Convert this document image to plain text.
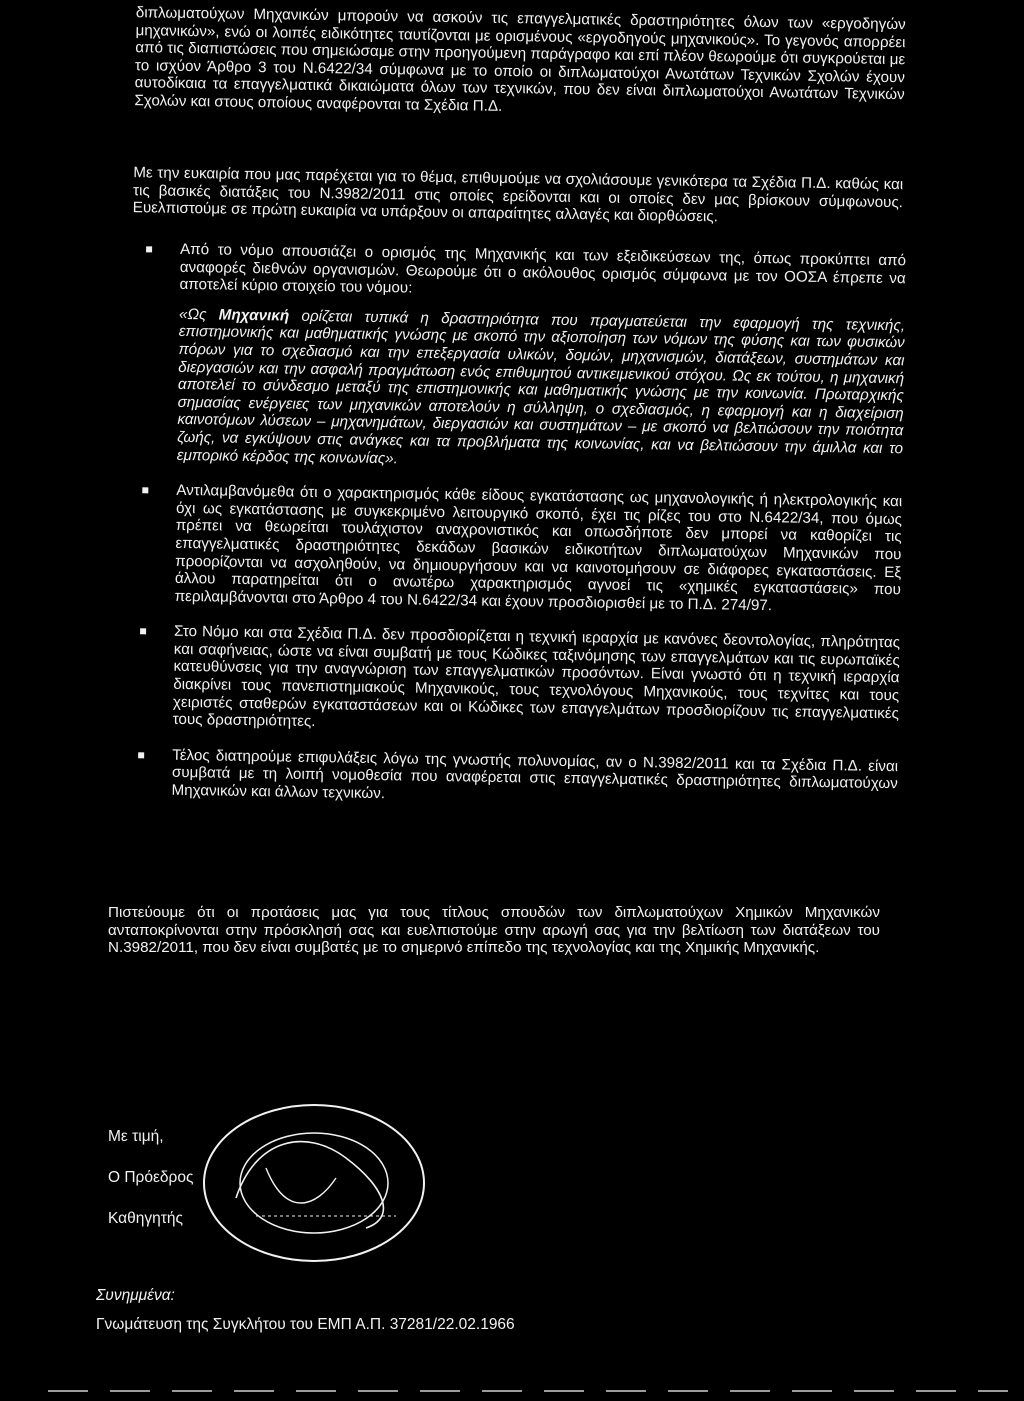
διπλωματούχων Μηχανικών μπορούν να ασκούν τις επαγγελματικές δραστηριότητες όλων των «εργοδηγών μηχανικών», ενώ οι λοιπές ειδικότητες ταυτίζονται με ορισμένους «εργοδηγούς μηχανικούς». Το γεγονός απορρέει από τις διαπιστώσεις που σημειώσαμε στην προηγούμενη παράγραφο και επί πλέον θεωρούμε ότι συγκρούεται με το ισχύον Άρθρο 3 του Ν.6422/34 σύμφωνα με το οποίο οι διπλωματούχοι Ανωτάτων Τεχνικών Σχολών έχουν αυτοδίκαια τα επαγγελματικά δικαιώματα όλων των τεχνικών, που δεν είναι διπλωματούχοι Ανωτάτων Τεχνικών Σχολών και στους οποίους αναφέρονται τα Σχέδια Π.Δ.

Με την ευκαιρία που μας παρέχεται για το θέμα, επιθυμούμε να σχολιάσουμε γενικότερα τα Σχέδια Π.Δ. καθώς και τις βασικές διατάξεις του Ν.3982/2011 στις οποίες ερείδονται και οι οποίες δεν μας βρίσκουν σύμφωνους. Ευελπιστούμε σε πρώτη ευκαιρία να υπάρξουν οι απαραίτητες αλλαγές και διορθώσεις.

Από το νόμο απουσιάζει ο ορισμός της Μηχανικής και των εξειδικεύσεων της, όπως προκύπτει από αναφορές διεθνών οργανισμών. Θεωρούμε ότι ο ακόλουθος ορισμός σύμφωνα με τον ΟΟΣΑ έπρεπε να αποτελεί κύριο στοιχείο του νόμου:
«Ως Μηχανική ορίζεται τυπικά η δραστηριότητα που πραγματεύεται την εφαρμογή της τεχνικής, επιστημονικής και μαθηματικής γνώσης με σκοπό την αξιοποίηση των νόμων της φύσης και των φυσικών πόρων για το σχεδιασμό και την επεξεργασία υλικών, δομών, μηχανισμών, διατάξεων, συστημάτων και διεργασιών και την ασφαλή πραγμάτωση ενός επιθυμητού αντικειμενικού στόχου. Ως εκ τούτου, η μηχανική αποτελεί το σύνδεσμο μεταξύ της επιστημονικής και μαθηματικής γνώσης με την κοινωνία. Πρωταρχικής σημασίας ενέργειες των μηχανικών αποτελούν η σύλληψη, ο σχεδιασμός, η εφαρμογή και η διαχείριση καινοτόμων λύσεων – μηχανημάτων, διεργασιών και συστημάτων – με σκοπό να βελτιώσουν την ποιότητα ζωής, να εγκύψουν στις ανάγκες και τα προβλήματα της κοινωνίας, και να βελτιώσουν την άμιλλα και το εμπορικό κέρδος της κοινωνίας».
Αντιλαμβανόμεθα ότι ο χαρακτηρισμός κάθε είδους εγκατάστασης ως μηχανολογικής ή ηλεκτρολογικής και όχι ως εγκατάστασης με συγκεκριμένο λειτουργικό σκοπό, έχει τις ρίζες του στο Ν.6422/34, που όμως πρέπει να θεωρείται τουλάχιστον αναχρονιστικός και οπωσδήποτε δεν μπορεί να καθορίζει τις επαγγελματικές δραστηριότητες δεκάδων βασικών ειδικοτήτων διπλωματούχων Μηχανικών που προορίζονται να ασχοληθούν, να δημιουργήσουν και να καινοτομήσουν σε διάφορες εγκαταστάσεις. Εξ άλλου παρατηρείται ότι ο ανωτέρω χαρακτηρισμός αγνοεί τις «χημικές εγκαταστάσεις» που περιλαμβάνονται στο Άρθρο 4 του Ν.6422/34 και έχουν προσδιορισθεί με το Π.Δ. 274/97.
Στο Νόμο και στα Σχέδια Π.Δ. δεν προσδιορίζεται η τεχνική ιεραρχία με κανόνες δεοντολογίας, πληρότητας και σαφήνειας, ώστε να είναι συμβατή με τους Κώδικες ταξινόμησης των επαγγελμάτων και τις ευρωπαϊκές κατευθύνσεις για την αναγνώριση των επαγγελματικών προσόντων. Είναι γνωστό ότι η τεχνική ιεραρχία διακρίνει τους πανεπιστημιακούς Μηχανικούς, τους τεχνολόγους Μηχανικούς, τους τεχνίτες και τους χειριστές σταθερών εγκαταστάσεων και οι Κώδικες των επαγγελμάτων προσδιορίζουν τις επαγγελματικές τους δραστηριότητες.
Τέλος διατηρούμε επιφυλάξεις λόγω της γνωστής πολυνομίας, αν ο Ν.3982/2011 και τα Σχέδια Π.Δ. είναι συμβατά με τη λοιπή νομοθεσία που αναφέρεται στις επαγγελματικές δραστηριότητες διπλωματούχων Μηχανικών και άλλων τεχνικών.

Πιστεύουμε ότι οι προτάσεις μας για τους τίτλους σπουδών των διπλωματούχων Χημικών Μηχανικών ανταποκρίνονται στην πρόσκλησή σας και ευελπιστούμε στην αρωγή σας για την βελτίωση των διατάξεων του Ν.3982/2011, που δεν είναι συμβατές με το σημερινό επίπεδο της τεχνολογίας και της Χημικής Μηχανικής.

Με τιμή,
Ο Πρόεδρος
Καθηγητής
Συνημμένα:
Γνωμάτευση της Συγκλήτου του ΕΜΠ Α.Π. 37281/22.02.1966
